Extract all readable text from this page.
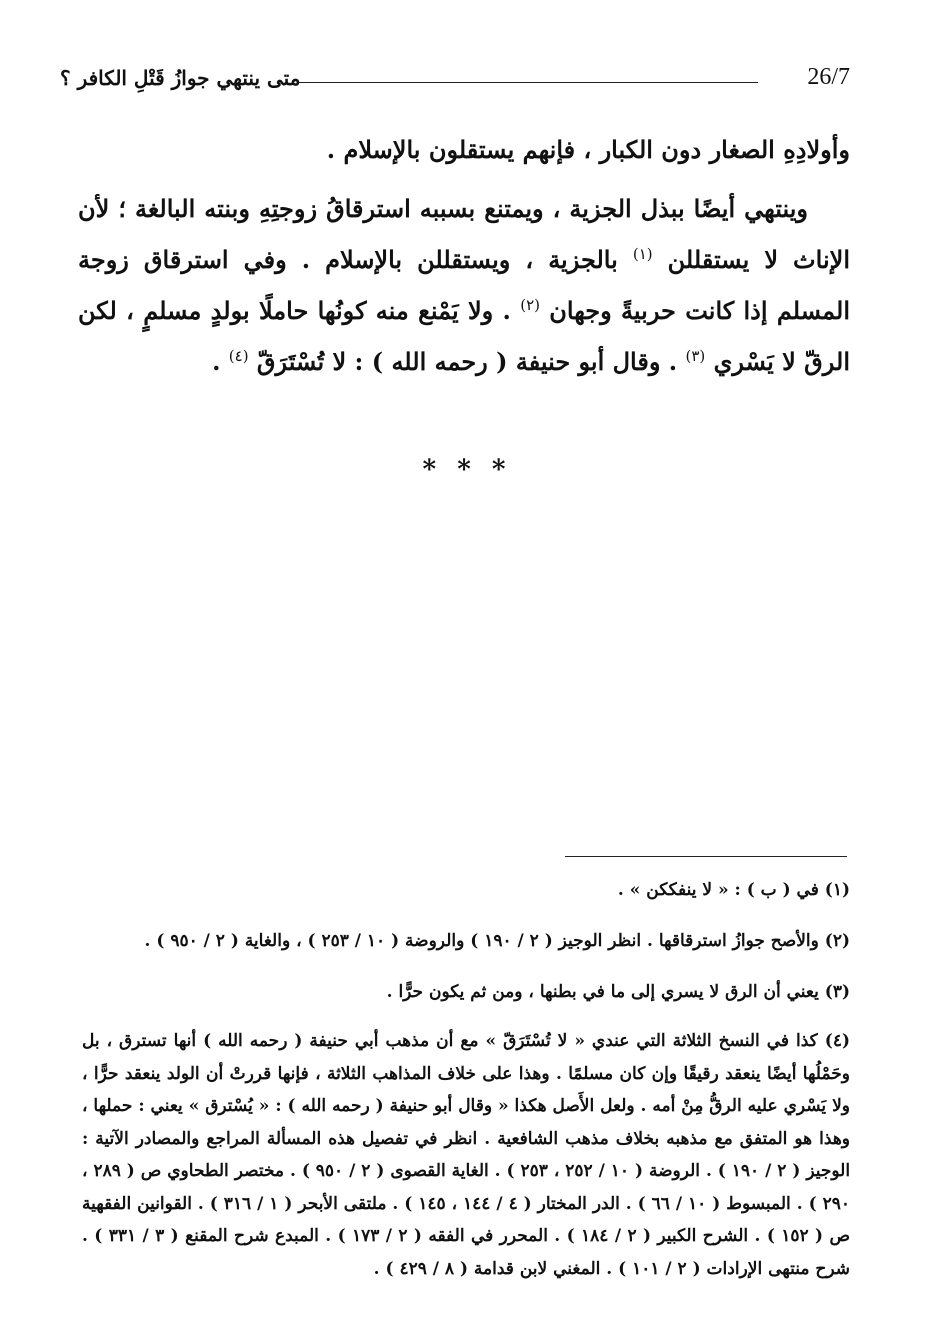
26/7
متى ينتهي جوازُ قَتْلِ الكافر ؟

وأولادِهِ الصغار دون الكبار ، فإنهم يستقلون بالإسلام .

وينتهي أيضًا ببذل الجزية ، ويمتنع بسببه استرقاقُ زوجتِهِ وبنته البالغة ؛ لأن الإناث لا يستقللن $^{(١)}$ بالجزية ، ويستقللن بالإسلام . وفي استرقاق زوجة المسلم إذا كانت حربيةً وجهان $^{(٢)}$ . ولا يَمْنع منه كونُها حاملًا بولدٍ مسلمٍ ، لكن الرقّ لا يَسْري $^{(٣)}$ . وقال أبو حنيفة ( رحمه الله ) : لا تُسْتَرَقّ $^{(٤)}$ .

* * *

(١) في ( ب ) : « لا ينفككن » .

(٢) والأصح جوازُ استرقاقها . انظر الوجيز ( ٢ / ١٩٠ ) والروضة ( ١٠ / ٢٥٣ ) ، والغاية ( ٢ / ٩٥٠ ) .

(٣) يعني أن الرق لا يسري إلى ما في بطنها ، ومن ثم يكون حرًّا .

(٤) كذا في النسخ الثلاثة التي عندي « لا تُسْتَرَقّ » مع أن مذهب أبي حنيفة ( رحمه الله ) أنها تسترق ، بل وحَمْلُها أيضًا ينعقد رقيقًا وإن كان مسلمًا . وهذا على خلاف المذاهب الثلاثة ، فإنها قررتْ أن الولد ينعقد حرًّا ، ولا يَسْري عليه الرقُّ مِنْ أمه . ولعل الأَصل هكذا « وقال أبو حنيفة ( رحمه الله ) : « يُسْترق » يعني : حملها ، وهذا هو المتفق مع مذهبه بخلاف مذهب الشافعية . انظر في تفصيل هذه المسألة المراجع والمصادر الآتية : الوجيز ( ٢ / ١٩٠ ) . الروضة ( ١٠ / ٢٥٢ ، ٢٥٣ ) . الغاية القصوى ( ٢ / ٩٥٠ ) . مختصر الطحاوي ص ( ٢٨٩ ، ٢٩٠ ) . المبسوط ( ١٠ / ٦٦ ) . الدر المختار ( ٤ / ١٤٤ ، ١٤٥ ) . ملتقى الأبحر ( ١ / ٣١٦ ) . القوانين الفقهية ص ( ١٥٢ ) . الشرح الكبير ( ٢ / ١٨٤ ) . المحرر في الفقه ( ٢ / ١٧٣ ) . المبدع شرح المقنع ( ٣ / ٣٣١ ) . شرح منتهى الإرادات ( ٢ / ١٠١ ) . المغني لابن قدامة ( ٨ / ٤٢٩ ) .
